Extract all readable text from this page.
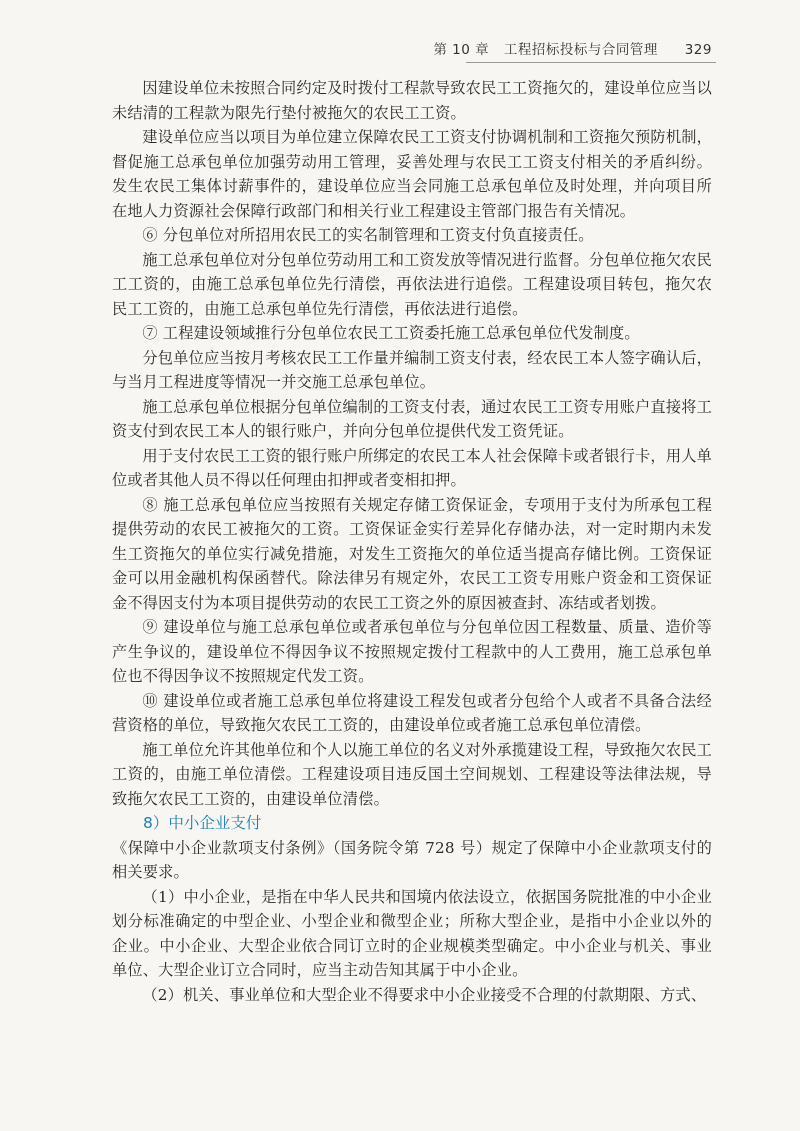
第 10 章 工程招标投标与合同管理 329

因建设单位未按照合同约定及时拨付工程款导致农民工工资拖欠的，建设单位应当以未结清的工程款为限先行垫付被拖欠的农民工工资。

建设单位应当以项目为单位建立保障农民工工资支付协调机制和工资拖欠预防机制，督促施工总承包单位加强劳动用工管理，妥善处理与农民工工资支付相关的矛盾纠纷。发生农民工集体讨薪事件的，建设单位应当会同施工总承包单位及时处理，并向项目所在地人力资源社会保障行政部门和相关行业工程建设主管部门报告有关情况。

⑥ 分包单位对所招用农民工的实名制管理和工资支付负直接责任。

施工总承包单位对分包单位劳动用工和工资发放等情况进行监督。分包单位拖欠农民工工资的，由施工总承包单位先行清偿，再依法进行追偿。工程建设项目转包，拖欠农民工工资的，由施工总承包单位先行清偿，再依法进行追偿。

⑦ 工程建设领域推行分包单位农民工工资委托施工总承包单位代发制度。

分包单位应当按月考核农民工工作量并编制工资支付表，经农民工本人签字确认后，与当月工程进度等情况一并交施工总承包单位。

施工总承包单位根据分包单位编制的工资支付表，通过农民工工资专用账户直接将工资支付到农民工本人的银行账户，并向分包单位提供代发工资凭证。

用于支付农民工工资的银行账户所绑定的农民工本人社会保障卡或者银行卡，用人单位或者其他人员不得以任何理由扣押或者变相扣押。

⑧ 施工总承包单位应当按照有关规定存储工资保证金，专项用于支付为所承包工程提供劳动的农民工被拖欠的工资。工资保证金实行差异化存储办法，对一定时期内未发生工资拖欠的单位实行减免措施，对发生工资拖欠的单位适当提高存储比例。工资保证金可以用金融机构保函替代。除法律另有规定外，农民工工资专用账户资金和工资保证金不得因支付为本项目提供劳动的农民工工资之外的原因被查封、冻结或者划拨。

⑨ 建设单位与施工总承包单位或者承包单位与分包单位因工程数量、质量、造价等产生争议的，建设单位不得因争议不按照规定拨付工程款中的人工费用，施工总承包单位也不得因争议不按照规定代发工资。

⑩ 建设单位或者施工总承包单位将建设工程发包或者分包给个人或者不具备合法经营资格的单位，导致拖欠农民工工资的，由建设单位或者施工总承包单位清偿。

施工单位允许其他单位和个人以施工单位的名义对外承揽建设工程，导致拖欠农民工工资的，由施工单位清偿。工程建设项目违反国土空间规划、工程建设等法律法规，导致拖欠农民工工资的，由建设单位清偿。

8）中小企业支付

《保障中小企业款项支付条例》（国务院令第 728 号）规定了保障中小企业款项支付的相关要求。

（1）中小企业，是指在中华人民共和国境内依法设立，依据国务院批准的中小企业划分标准确定的中型企业、小型企业和微型企业；所称大型企业，是指中小企业以外的企业。中小企业、大型企业依合同订立时的企业规模类型确定。中小企业与机关、事业单位、大型企业订立合同时，应当主动告知其属于中小企业。

（2）机关、事业单位和大型企业不得要求中小企业接受不合理的付款期限、方式、
